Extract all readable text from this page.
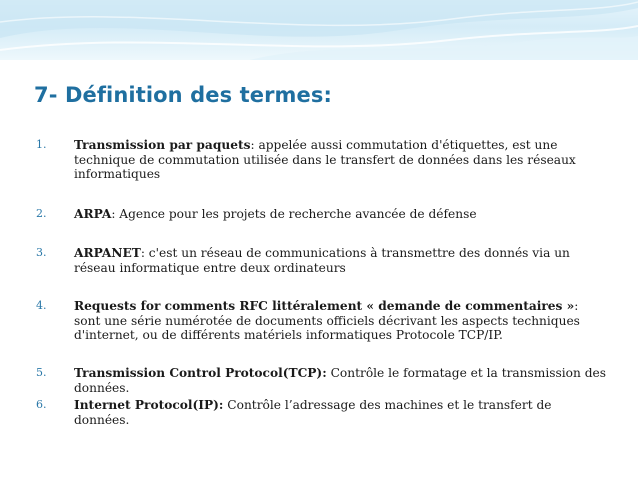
7- Définition des termes:
1.	Transmission par paquets: appelée aussi commutation d'étiquettes, est une technique de commutation utilisée dans le transfert de données dans les réseaux informatiques
2.	ARPA: Agence pour les projets de recherche avancée de défense
3.	ARPANET: c'est un réseau de communications à transmettre des donnés via un réseau informatique entre deux ordinateurs
4.	Requests for comments RFC littéralement « demande de commentaires »: sont une série numérotée de documents officiels décrivant les aspects techniques d'internet, ou de différents matériels informatiques Protocole TCP/IP.
5.	Transmission Control Protocol(TCP): Contrôle le formatage et la transmission des données.
6.	Internet Protocol(IP): Contrôle l’adressage des machines et le transfert de données.
